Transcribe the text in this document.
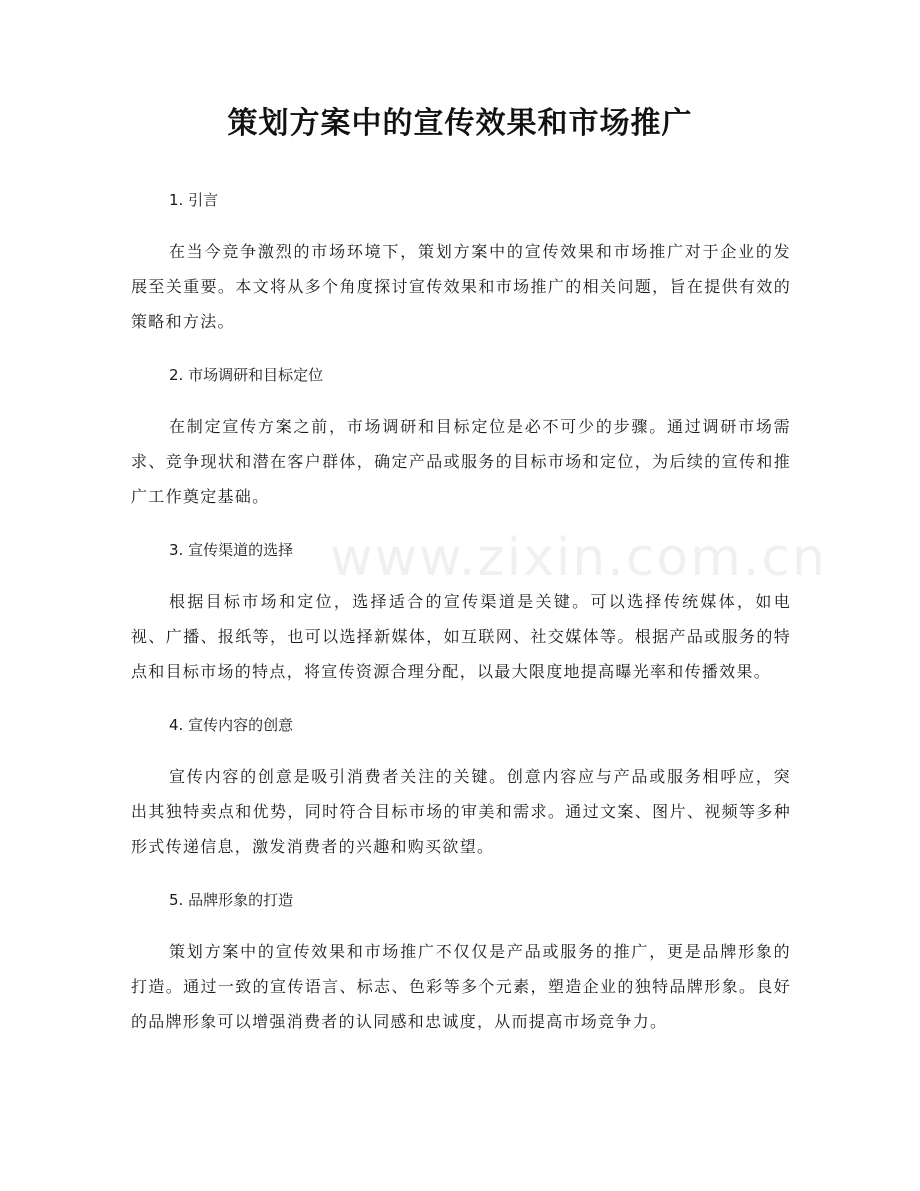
www.zixin.com.cn
策划方案中的宣传效果和市场推广
1. 引言

在当今竞争激烈的市场环境下，策划方案中的宣传效果和市场推广对于企业的发展至关重要。本文将从多个角度探讨宣传效果和市场推广的相关问题，旨在提供有效的策略和方法。

2. 市场调研和目标定位

在制定宣传方案之前，市场调研和目标定位是必不可少的步骤。通过调研市场需求、竞争现状和潜在客户群体，确定产品或服务的目标市场和定位，为后续的宣传和推广工作奠定基础。

3. 宣传渠道的选择

根据目标市场和定位，选择适合的宣传渠道是关键。可以选择传统媒体，如电视、广播、报纸等，也可以选择新媒体，如互联网、社交媒体等。根据产品或服务的特点和目标市场的特点，将宣传资源合理分配，以最大限度地提高曝光率和传播效果。

4. 宣传内容的创意

宣传内容的创意是吸引消费者关注的关键。创意内容应与产品或服务相呼应，突出其独特卖点和优势，同时符合目标市场的审美和需求。通过文案、图片、视频等多种形式传递信息，激发消费者的兴趣和购买欲望。

5. 品牌形象的打造

策划方案中的宣传效果和市场推广不仅仅是产品或服务的推广，更是品牌形象的打造。通过一致的宣传语言、标志、色彩等多个元素，塑造企业的独特品牌形象。良好的品牌形象可以增强消费者的认同感和忠诚度，从而提高市场竞争力。
